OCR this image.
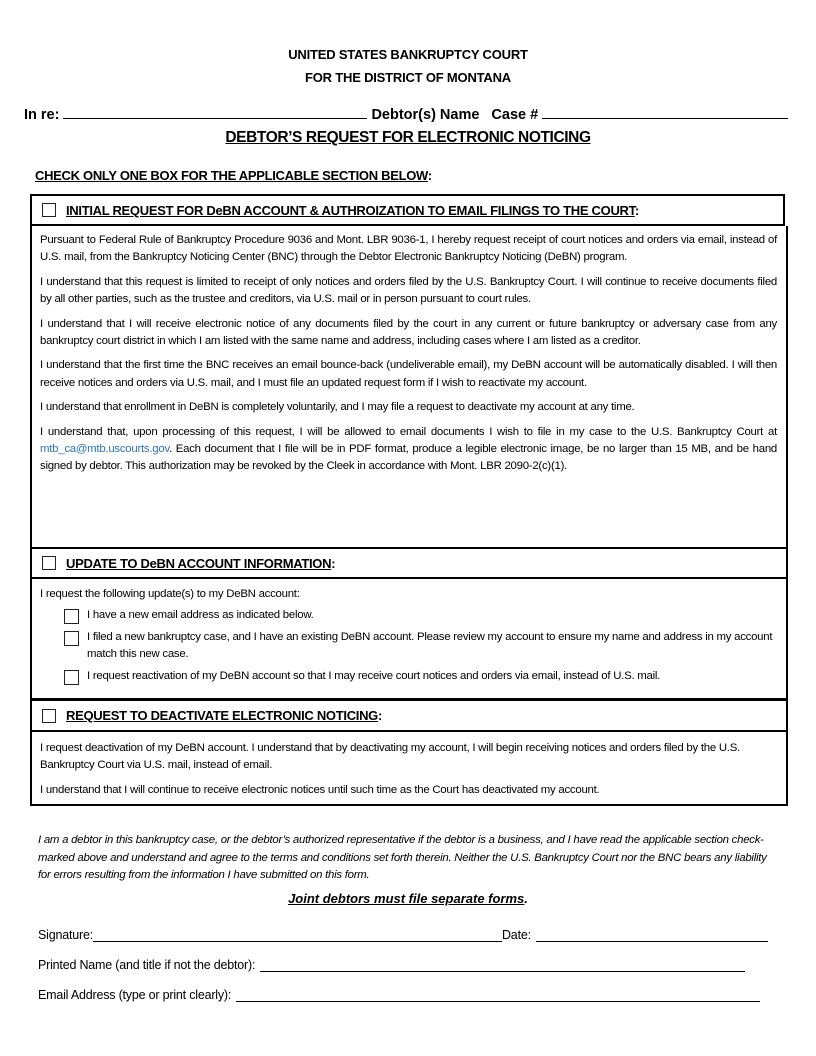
UNITED STATES BANKRUPTCY COURT
FOR THE DISTRICT OF MONTANA
In re:	Debtor(s) Name Case #
DEBTOR’S REQUEST FOR ELECTRONIC NOTICING
CHECK ONLY ONE BOX FOR THE APPLICABLE SECTION BELOW:
INITIAL REQUEST FOR DeBN ACCOUNT & AUTHROIZATION TO EMAIL FILINGS TO THE COURT:

Pursuant to Federal Rule of Bankruptcy Procedure 9036 and Mont. LBR 9036-1, I hereby request receipt of court notices and orders via email, instead of U.S. mail, from the Bankruptcy Noticing Center (BNC) through the Debtor Electronic Bankruptcy Noticing (DeBN) program.

I understand that this request is limited to receipt of only notices and orders filed by the U.S. Bankruptcy Court. I will continue to receive documents filed by all other parties, such as the trustee and creditors, via U.S. mail or in person pursuant to court rules.

I understand that I will receive electronic notice of any documents filed by the court in any current or future bankruptcy or adversary case from any bankruptcy court district in which I am listed with the same name and address, including cases where I am listed as a creditor.

I understand that the first time the BNC receives an email bounce-back (undeliverable email), my DeBN account will be automatically disabled. I will then receive notices and orders via U.S. mail, and I must file an updated request form if I wish to reactivate my account.

I understand that enrollment in DeBN is completely voluntarily, and I may file a request to deactivate my account at any time.

I understand that, upon processing of this request, I will be allowed to email documents I wish to file in my case to the U.S. Bankruptcy Court at mtb_ca@mtb.uscourts.gov. Each document that I file will be in PDF format, produce a legible electronic image, be no larger than 15 MB, and be hand signed by debtor. This authorization may be revoked by the Cleek in accordance with Mont. LBR 2090-2(c)(1).

UPDATE TO DeBN ACCOUNT INFORMATION:

I request the following update(s) to my DeBN account:

I have a new email address as indicated below.
I filed a new bankruptcy case, and I have an existing DeBN account. Please review my account to ensure my name and address in my account match this new case.
I request reactivation of my DeBN account so that I may receive court notices and orders via email, instead of U.S. mail.
REQUEST TO DEACTIVATE ELECTRONIC NOTICING:

I request deactivation of my DeBN account. I understand that by deactivating my account, I will begin receiving notices and orders filed by the U.S. Bankruptcy Court via U.S. mail, instead of email.

I understand that I will continue to receive electronic notices until such time as the Court has deactivated my account.

I am a debtor in this bankruptcy case, or the debtor’s authorized representative if the debtor is a business, and I have read the applicable section check-marked above and understand and agree to the terms and conditions set forth therein. Neither the U.S. Bankruptcy Court nor the BNC bears any liability for errors resulting from the information I have submitted on this form.
Joint debtors must file separate forms.
Signature:	Date:
Printed Name (and title if not the debtor):
Email Address (type or print clearly):
